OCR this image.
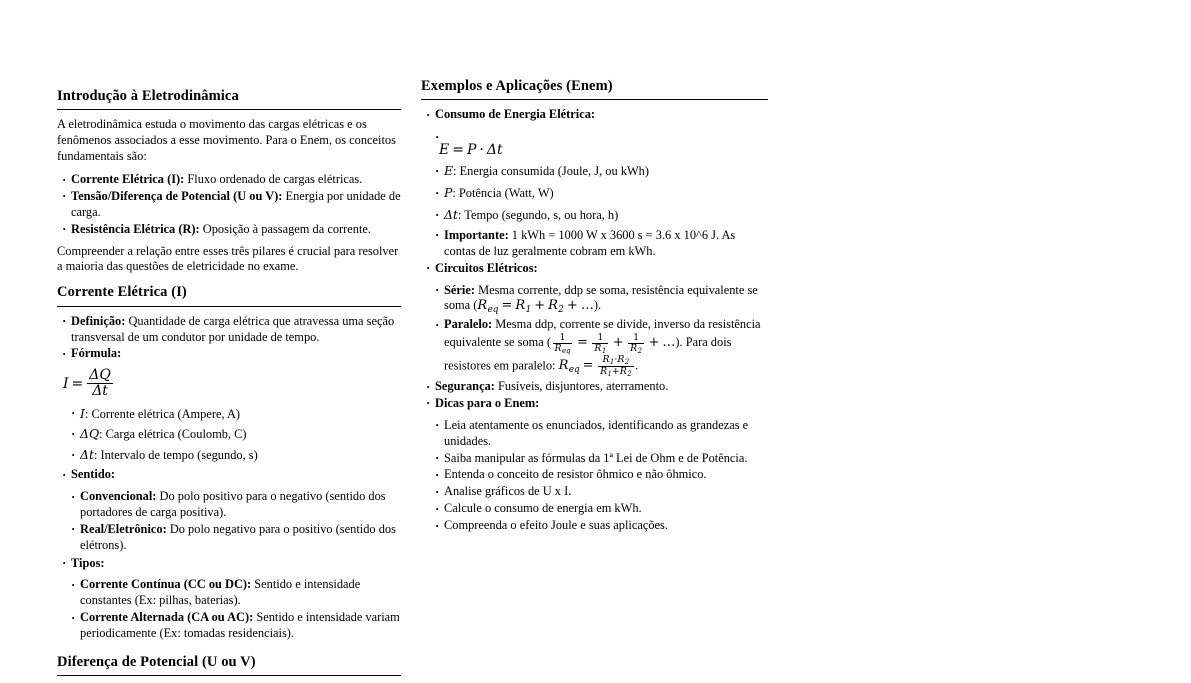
Introdução à Eletrodinâmica

A eletrodinâmica estuda o movimento das cargas elétricas e os fenômenos associados a esse movimento. Para o Enem, os conceitos fundamentais são:

· Corrente Elétrica (I): Fluxo ordenado de cargas elétricas.
· Tensão/Diferença de Potencial (U ou V): Energia por unidade de carga.
· Resistência Elétrica (R): Oposição à passagem da corrente.

Compreender a relação entre esses três pilares é crucial para resolver a maioria das questões de eletricidade no exame.

Corrente Elétrica (I)
· Definição: Quantidade de carga elétrica que atravessa uma seção transversal de um condutor por unidade de tempo.
· Fórmula:
$I = \frac{\Delta Q}{\Delta t}$
· I: Corrente elétrica (Ampere, A)
· ΔQ: Carga elétrica (Coulomb, C)
· Δt: Intervalo de tempo (segundo, s)
· Sentido:
· Convencional: Do polo positivo para o negativo (sentido dos portadores de carga positiva).
· Real/Eletrônico: Do polo negativo para o positivo (sentido dos elétrons).
· Tipos:
· Corrente Contínua (CC ou DC): Sentido e intensidade constantes (Ex: pilhas, baterias).
· Corrente Alternada (CA ou AC): Sentido e intensidade variam periodicamente (Ex: tomadas residenciais).
Diferença de Potencial (U ou V)
Exemplos e Aplicações (Enem)
· Consumo de Energia Elétrica:
·
E = P · Δt
· E: Energia consumida (Joule, J, ou kWh)
· P: Potência (Watt, W)
· Δt: Tempo (segundo, s, ou hora, h)
· Importante: 1 kWh = 1000 W x 3600 s = 3.6 x 10^6 J. As contas de luz geralmente cobram em kWh.
· Circuitos Elétricos:
· Série: Mesma corrente, ddp se soma, resistência equivalente se soma (Req = R1 + R2 + …).
· Paralelo: Mesma ddp, corrente se divide, inverso da resistência equivalente se soma ( $\frac{1}{\text{Req}} = \frac{1}{R1} + \frac{1}{R2}$ + …). Para dois resistores em paralelo: Req = $\frac{R1\cdot R2}{R1+R2}$ .
· Segurança: Fusíveis, disjuntores, aterramento.
· Dicas para o Enem:
· Leia atentamente os enunciados, identificando as grandezas e unidades.
· Saiba manipular as fórmulas da 1ª Lei de Ohm e de Potência.
· Entenda o conceito de resistor ôhmico e não ôhmico.
· Analise gráficos de U x I.
· Calcule o consumo de energia em kWh.
· Compreenda o efeito Joule e suas aplicações.
